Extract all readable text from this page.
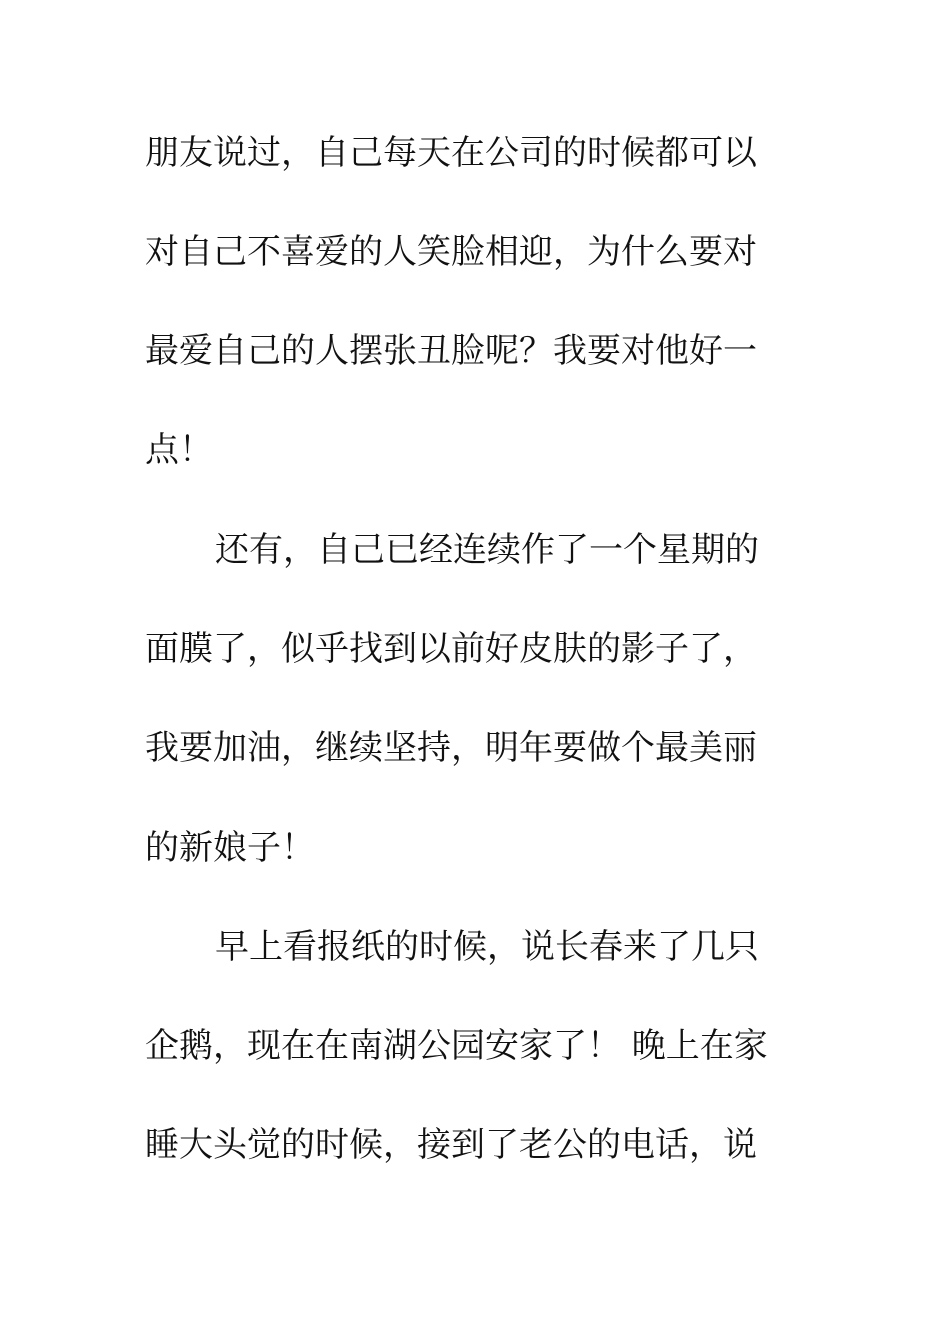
朋友说过，自己每天在公司的时候都可以
对自己不喜爱的人笑脸相迎，为什么要对
最爱自己的人摆张丑脸呢？我要对他好一
点！
还有，自己已经连续作了一个星期的
面膜了，似乎找到以前好皮肤的影子了，
我要加油，继续坚持，明年要做个最美丽
的新娘子！
早上看报纸的时候，说长春来了几只
企鹅，现在在南湖公园安家了！ 晚上在家
睡大头觉的时候，接到了老公的电话，说
